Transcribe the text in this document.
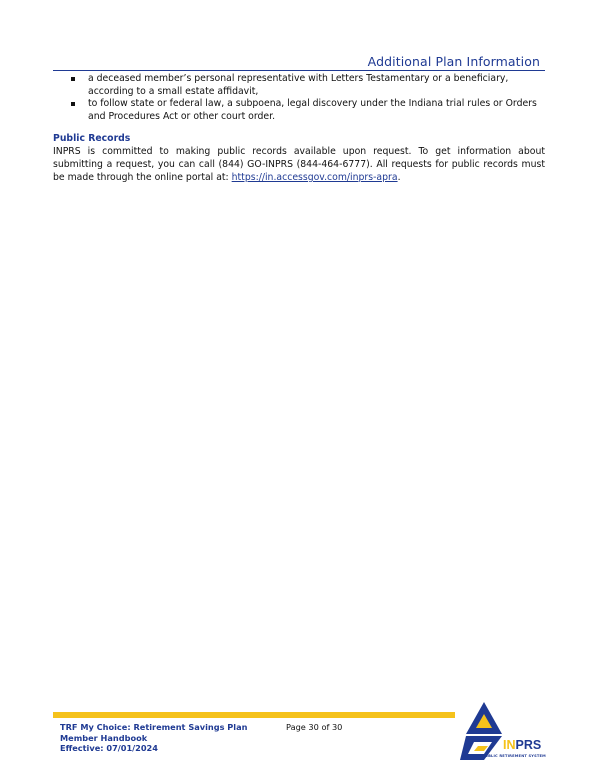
Additional Plan Information
a deceased member’s personal representative with Letters Testamentary or a beneficiary, according to a small estate affidavit,
to follow state or federal law, a subpoena, legal discovery under the Indiana trial rules or Orders and Procedures Act or other court order.
Public Records
INPRS is committed to making public records available upon request. To get information about submitting a request, you can call (844) GO-INPRS (844-464-6777). All requests for public records must be made through the online portal at: https://in.accessgov.com/inprs-apra.
TRF My Choice: Retirement Savings Plan Member Handbook
Effective: 07/01/2024
Page 30 of 30
INPRS
INDIANA PUBLIC RETIREMENT SYSTEM
